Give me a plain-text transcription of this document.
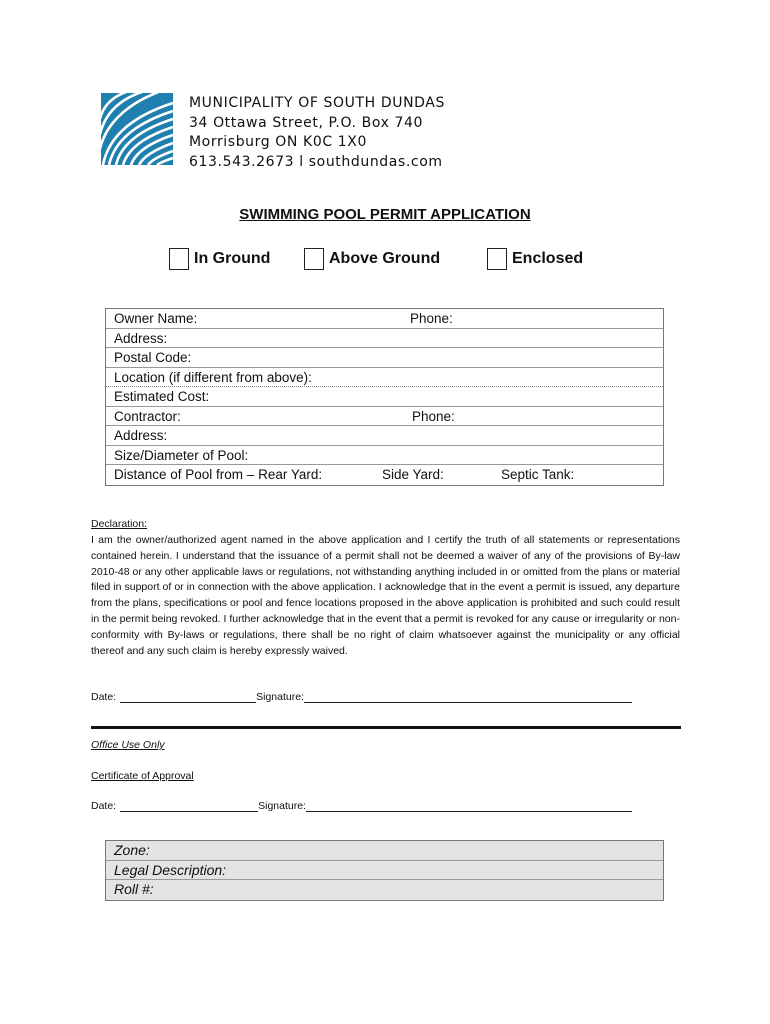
MUNICIPALITY OF SOUTH DUNDAS
34 Ottawa Street, P.O. Box 740
Morrisburg ON K0C 1X0
613.543.2673 l southdundas.com
SWIMMING POOL PERMIT APPLICATION
In Ground	Above Ground	Enclosed
Owner Name:	Phone:
Address:
Postal Code:
Location (if different from above):
Estimated Cost:
Contractor:	Phone:
Address:
Size/Diameter of Pool:
Distance of Pool from – Rear Yard:	Side Yard:	Septic Tank:
Declaration:
I am the owner/authorized agent named in the above application and I certify the truth of all statements or representations contained herein. I understand that the issuance of a permit shall not be deemed a waiver of any of the provisions of By-law 2010-48 or any other applicable laws or regulations, not withstanding anything included in or omitted from the plans or material filed in support of or in connection with the above application. I acknowledge that in the event a permit is issued, any departure from the plans, specifications or pool and fence locations proposed in the above application is prohibited and such could result in the permit being revoked. I further acknowledge that in the event that a permit is revoked for any cause or irregularity or non-conformity with By-laws or regulations, there shall be no right of claim whatsoever against the municipality or any official thereof and any such claim is hereby expressly waived.
Date:	Signature:
Office Use Only
Certificate of Approval
Date:	Signature:
Zone:
Legal Description:
Roll #:
